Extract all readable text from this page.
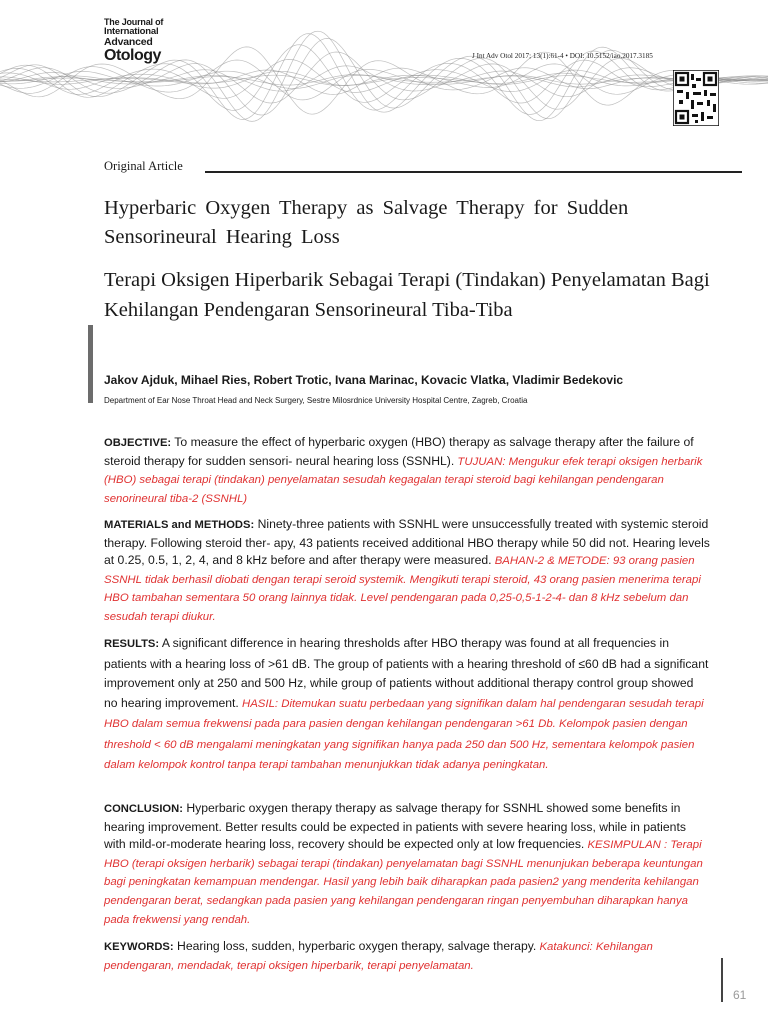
The Journal of
International
Advanced
Otology	J Int Adv Otol 2017; 13(1):61-4 • DOI: 10.5152/iao.2017.3185
Original Article
Hyperbaric Oxygen Therapy as Salvage Therapy for Sudden Sensorineural Hearing Loss
Terapi Oksigen Hiperbarik Sebagai Terapi (Tindakan) Penyelamatan Bagi Kehilangan Pendengaran Sensorineural Tiba-Tiba
Jakov Ajduk, Mihael Ries, Robert Trotic, Ivana Marinac, Kovacic Vlatka, Vladimir Bedekovic
Department of Ear Nose Throat Head and Neck Surgery, Sestre Milosrdnice University Hospital Centre, Zagreb, Croatia
OBJECTIVE: To measure the effect of hyperbaric oxygen (HBO) therapy as salvage therapy after the failure of steroid therapy for sudden sensori- neural hearing loss (SSNHL). TUJUAN: Mengukur efek terapi oksigen herbarik (HBO) sebagai terapi (tindakan) penyelamatan sesudah kegagalan terapi steroid bagi kehilangan pendengaran senorineural tiba-2 (SSNHL)
MATERIALS and METHODS: Ninety-three patients with SSNHL were unsuccessfully treated with systemic steroid therapy. Following steroid ther- apy, 43 patients received additional HBO therapy while 50 did not. Hearing levels at 0.25, 0.5, 1, 2, 4, and 8 kHz before and after therapy were measured. BAHAN-2 & METODE: 93 orang pasien SSNHL tidak berhasil diobati dengan terapi seroid systemik. Mengikuti terapi steroid, 43 orang pasien menerima terapi HBO tambahan sementara 50 orang lainnya tidak. Level pendengaran pada 0,25-0,5-1-2-4- dan 8 kHz sebelum dan sesudah terapi diukur.
RESULTS: A significant difference in hearing thresholds after HBO therapy was found at all frequencies in patients with a hearing loss of >61 dB. The group of patients with a hearing threshold of ≤60 dB had a significant improvement only at 250 and 500 Hz, while group of patients without additional therapy control group showed no hearing improvement. HASIL: Ditemukan suatu perbedaan yang signifikan dalam hal pendengaran sesudah terapi HBO dalam semua frekwensi pada para pasien dengan kehilangan pendengaran >61 Db. Kelompok pasien dengan threshold < 60 dB mengalami meningkatan yang signifikan hanya pada 250 dan 500 Hz, sementara kelompok pasien dalam kelompok kontrol tanpa terapi tambahan menunjukkan tidak adanya peningkatan.
CONCLUSION: Hyperbaric oxygen therapy therapy as salvage therapy for SSNHL showed some benefits in hearing improvement. Better results could be expected in patients with severe hearing loss, while in patients with mild-or-moderate hearing loss, recovery should be expected only at low frequencies. KESIMPULAN : Terapi HBO (terapi oksigen herbarik) sebagai terapi (tindakan) penyelamatan bagi SSNHL menunjukan beberapa keuntungan bagi peningkatan kemampuan mendengar. Hasil yang lebih baik diharapkan pada pasien2 yang menderita kehilangan pendengaran berat, sedangkan pada pasien yang kehilangan pendengaran ringan penyembuhan diharapkan hanya pada frekwensi yang rendah.
KEYWORDS: Hearing loss, sudden, hyperbaric oxygen therapy, salvage therapy. Katakunci: Kehilangan pendengaran, mendadak, terapi oksigen hiperbarik, terapi penyelamatan.
61
